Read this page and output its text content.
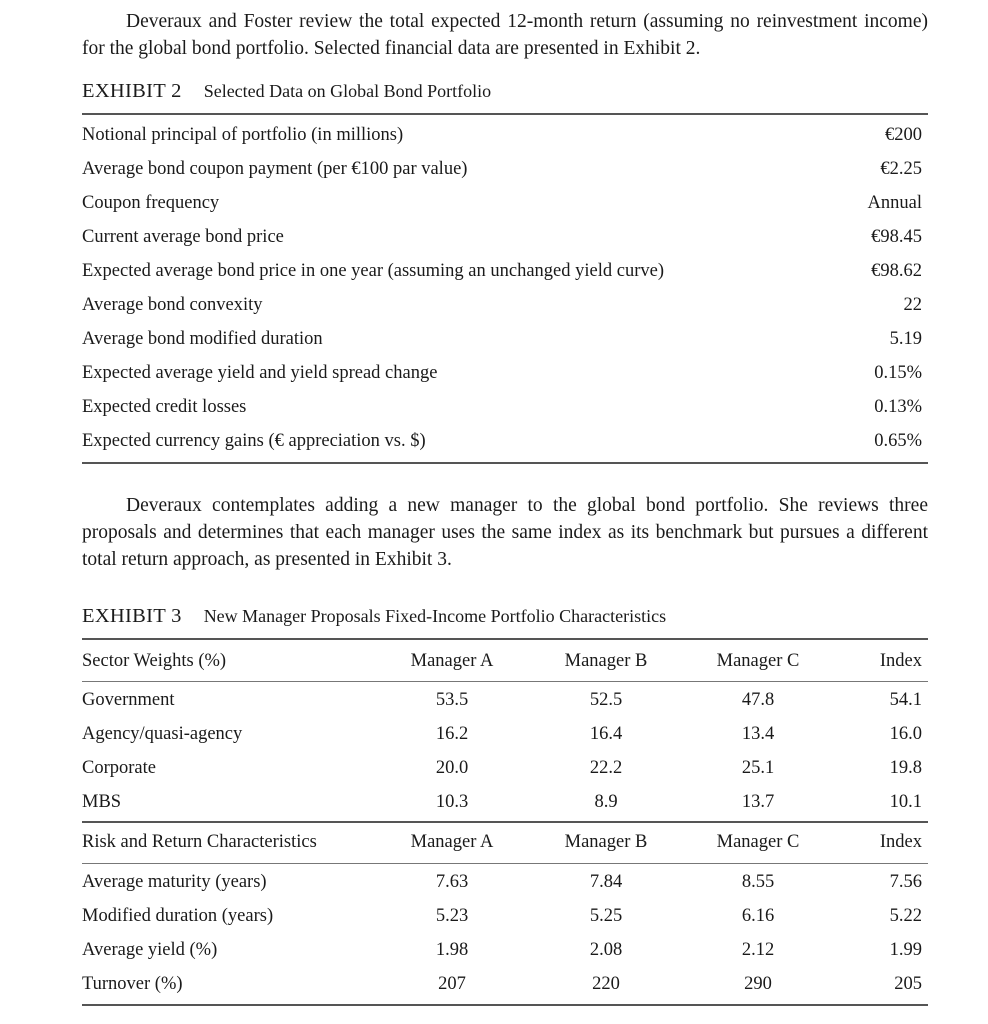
Deveraux and Foster review the total expected 12-month return (assuming no reinvestment income) for the global bond portfolio. Selected financial data are presented in Exhibit 2.

EXHIBIT 2 Selected Data on Global Bond Portfolio
Notional principal of portfolio (in millions)	€200
Average bond coupon payment (per €100 par value)	€2.25
Coupon frequency	Annual
Current average bond price	€98.45
Expected average bond price in one year (assuming an unchanged yield curve)	€98.62
Average bond convexity	22
Average bond modified duration	5.19
Expected average yield and yield spread change	0.15%
Expected credit losses	0.13%
Expected currency gains (€ appreciation vs. $)	0.65%

Deveraux contemplates adding a new manager to the global bond portfolio. She reviews three proposals and determines that each manager uses the same index as its benchmark but pursues a different total return approach, as presented in Exhibit 3.

EXHIBIT 3 New Manager Proposals Fixed-Income Portfolio Characteristics
Sector Weights (%)	Manager A	Manager B	Manager C	Index
Government	53.5	52.5	47.8	54.1
Agency/quasi-agency	16.2	16.4	13.4	16.0
Corporate	20.0	22.2	25.1	19.8
MBS	10.3	8.9	13.7	10.1
Risk and Return Characteristics	Manager A	Manager B	Manager C	Index
Average maturity (years)	7.63	7.84	8.55	7.56
Modified duration (years)	5.23	5.25	6.16	5.22
Average yield (%)	1.98	2.08	2.12	1.99
Turnover (%)	207	220	290	205
